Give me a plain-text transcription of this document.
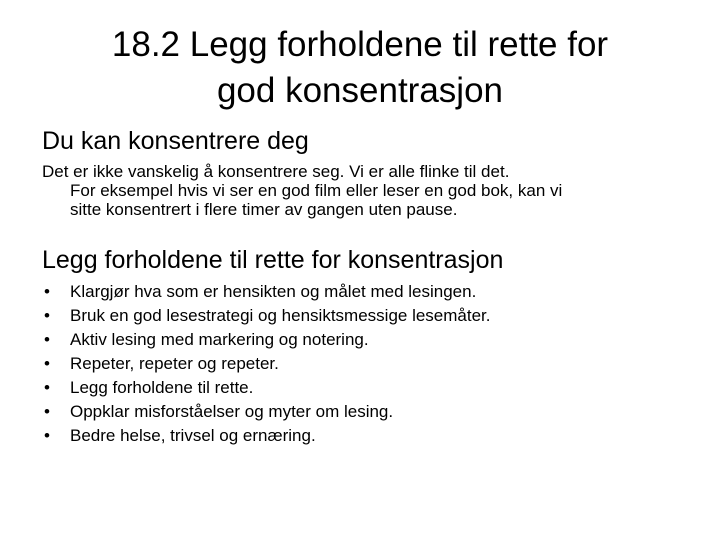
18.2 Legg forholdene til rette for
god konsentrasjon
Du kan konsentrere deg

Det er ikke vanskelig å konsentrere seg. Vi er alle flinke til det.
For eksempel hvis vi ser en god film eller leser en god bok, kan vi
sitte konsentrert i flere timer av gangen uten pause.

Legg forholdene til rette for konsentrasjon
• Klargjør hva som er hensikten og målet med lesingen.
• Bruk en god lesestrategi og hensiktsmessige lesemåter.
• Aktiv lesing med markering og notering.
• Repeter, repeter og repeter.
• Legg forholdene til rette.
• Oppklar misforståelser og myter om lesing.
• Bedre helse, trivsel og ernæring.
